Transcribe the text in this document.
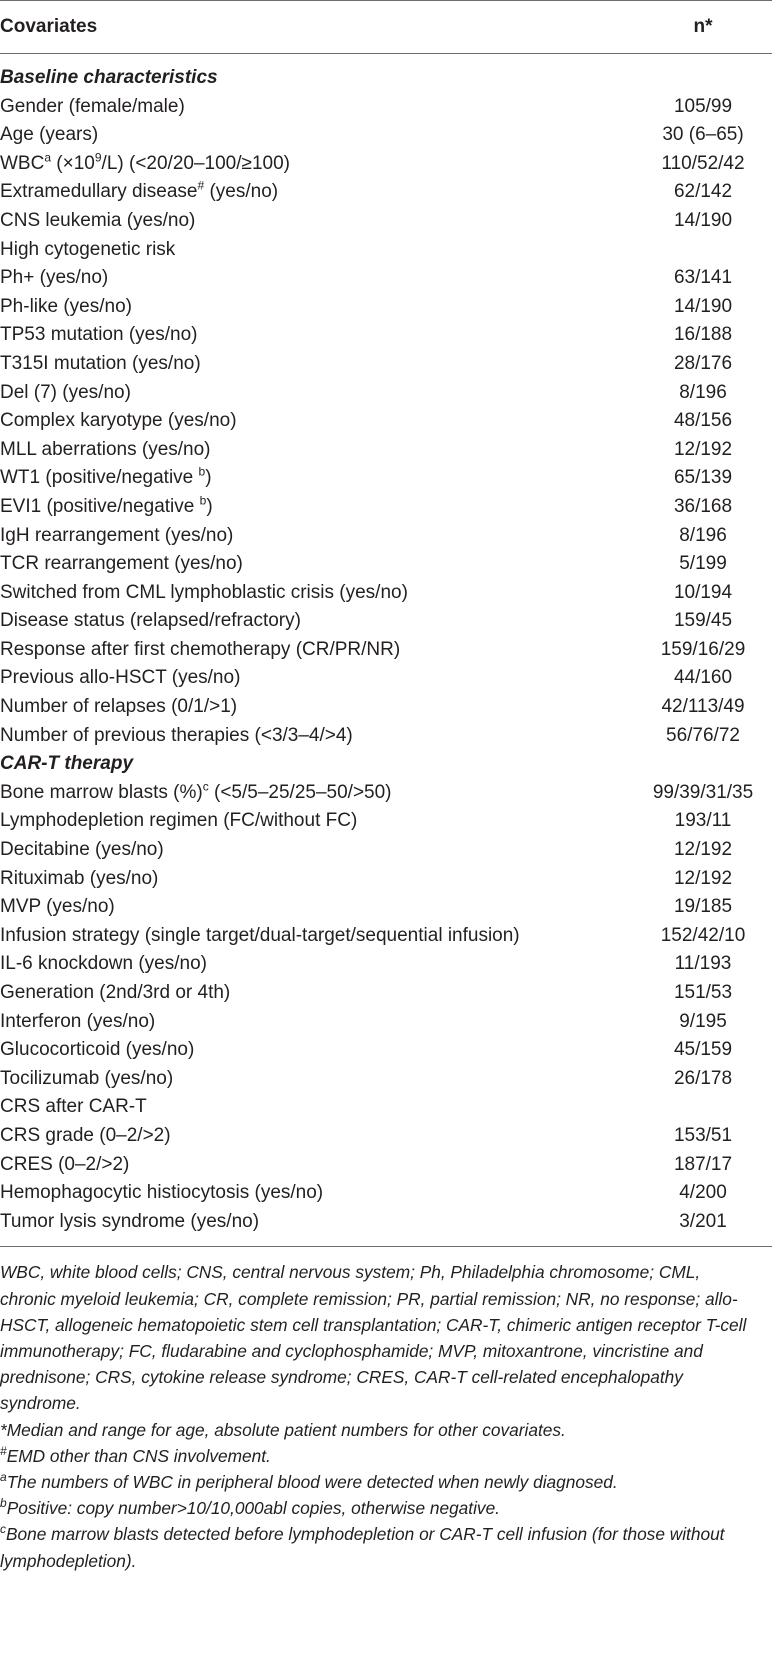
Covariates	n*
Baseline characteristics
Gender (female/male)	105/99
Age (years)	30 (6–65)
WBC$^a$ $(\times 10^9/L)$ (<20/20–100/≥100)	110/52/42
Extramedullary disease# (yes/no)	62/142
CNS leukemia (yes/no)	14/190
High cytogenetic risk
Ph+ (yes/no)	63/141
Ph-like (yes/no)	14/190
TP53 mutation (yes/no)	16/188
T315I mutation (yes/no)	28/176
Del (7) (yes/no)	8/196
Complex karyotype (yes/no)	48/156
MLL aberrations (yes/no)	12/192
WT1 (positive/negative $^b$)	65/139
EVI1 (positive/negative $^b$)	36/168
IgH rearrangement (yes/no)	8/196
TCR rearrangement (yes/no)	5/199
Switched from CML lymphoblastic crisis (yes/no)	10/194
Disease status (relapsed/refractory)	159/45
Response after first chemotherapy (CR/PR/NR)	159/16/29
Previous allo-HSCT (yes/no)	44/160
Number of relapses (0/1/>1)	42/113/49
Number of previous therapies (<3/3–4/>4)	56/76/72
CAR-T therapy
Bone marrow blasts (%)$^c$ (<5/5–25/25–50/>50)	99/39/31/35
Lymphodepletion regimen (FC/without FC)	193/11
Decitabine (yes/no)	12/192
Rituximab (yes/no)	12/192
MVP (yes/no)	19/185
Infusion strategy (single target/dual-target/sequential infusion)	152/42/10
IL-6 knockdown (yes/no)	11/193
Generation (2nd/3rd or 4th)	151/53
Interferon (yes/no)	9/195
Glucocorticoid (yes/no)	45/159
Tocilizumab (yes/no)	26/178
CRS after CAR-T
CRS grade (0–2/>2)	153/51
CRES (0–2/>2)	187/17
Hemophagocytic histiocytosis (yes/no)	4/200
Tumor lysis syndrome (yes/no)	3/201

WBC, white blood cells; CNS, central nervous system; Ph, Philadelphia chromosome; CML, chronic myeloid leukemia; CR, complete remission; PR, partial remission; NR, no response; allo-HSCT, allogeneic hematopoietic stem cell transplantation; CAR-T, chimeric antigen receptor T-cell immunotherapy; FC, fludarabine and cyclophosphamide; MVP, mitoxantrone, vincristine and prednisone; CRS, cytokine release syndrome; CRES, CAR-T cell-related encephalopathy syndrome.

*Median and range for age, absolute patient numbers for other covariates.

#EMD other than CNS involvement.

$^a$The numbers of WBC in peripheral blood were detected when newly diagnosed.

$^b$Positive: copy number>10/10,000abl copies, otherwise negative.

$^c$Bone marrow blasts detected before lymphodepletion or CAR-T cell infusion (for those without lymphodepletion).
